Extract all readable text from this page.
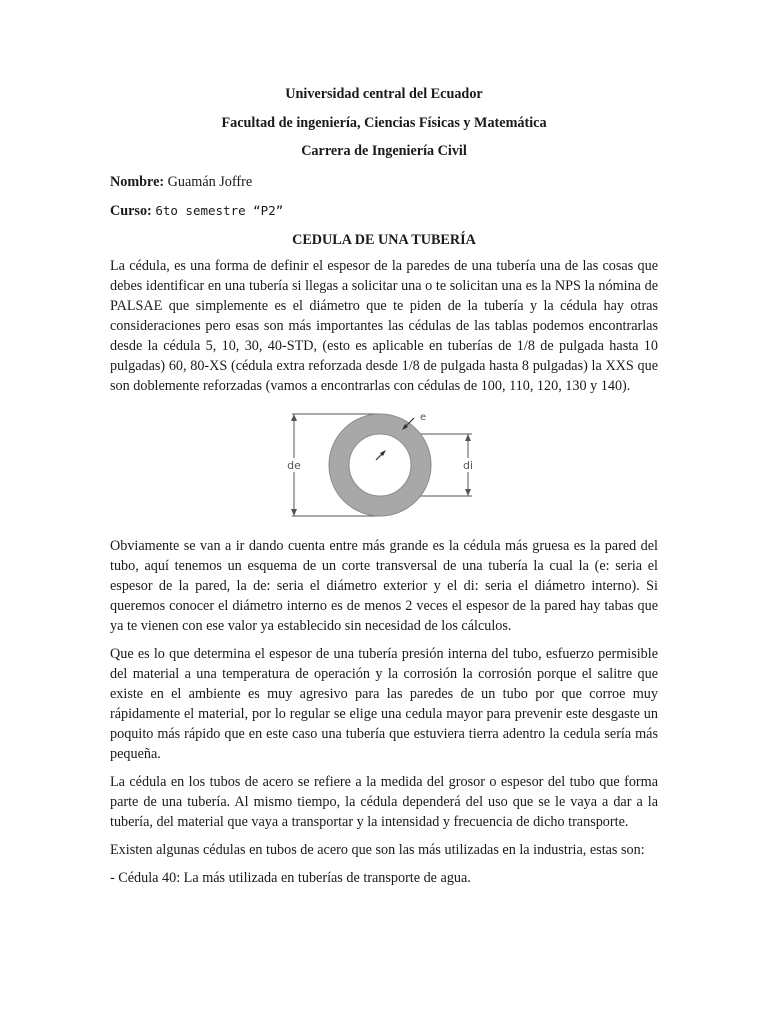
Universidad central del Ecuador

Facultad de ingeniería, Ciencias Físicas y Matemática

Carrera de Ingeniería Civil

Nombre: Guamán Joffre

Curso: 6to semestre “P2”

CEDULA DE UNA TUBERÍA

La cédula, es una forma de definir el espesor de la paredes de una tubería una de las cosas que debes identificar en una tubería si llegas a solicitar una o te solicitan una es la NPS la nómina de PALSAE que simplemente es el diámetro que te piden de la tubería y la cédula hay otras consideraciones pero esas son más importantes las cédulas de las tablas podemos encontrarlas desde la cédula 5, 10, 30, 40-STD, (esto es aplicable en tuberías de 1/8 de pulgada hasta 10 pulgadas) 60, 80-XS (cédula extra reforzada desde 1/8 de pulgada hasta 8 pulgadas) la XXS que son doblemente reforzadas (vamos a encontrarlas con cédulas de 100, 110, 120, 130 y 140).

de	di
e

Obviamente se van a ir dando cuenta entre más grande es la cédula más gruesa es la pared del tubo, aquí tenemos un esquema de un corte transversal de una tubería la cual la (e: seria el espesor de la pared, la de: seria el diámetro exterior y el di: seria el diámetro interno). Si queremos conocer el diámetro interno es de menos 2 veces el espesor de la pared hay tabas que ya te vienen con ese valor ya establecido sin necesidad de los cálculos.

Que es lo que determina el espesor de una tubería presión interna del tubo, esfuerzo permisible del material a una temperatura de operación y la corrosión la corrosión porque el salitre que existe en el ambiente es muy agresivo para las paredes de un tubo por que corroe muy rápidamente el material, por lo regular se elige una cedula mayor para prevenir este desgaste un poquito más rápido que en este caso una tubería que estuviera tierra adentro la cedula sería más pequeña.

La cédula en los tubos de acero se refiere a la medida del grosor o espesor del tubo que forma parte de una tubería. Al mismo tiempo, la cédula dependerá del uso que se le vaya a dar a la tubería, del material que vaya a transportar y la intensidad y frecuencia de dicho transporte.

Existen algunas cédulas en tubos de acero que son las más utilizadas en la industria, estas son:

- Cédula 40: La más utilizada en tuberías de transporte de agua.
